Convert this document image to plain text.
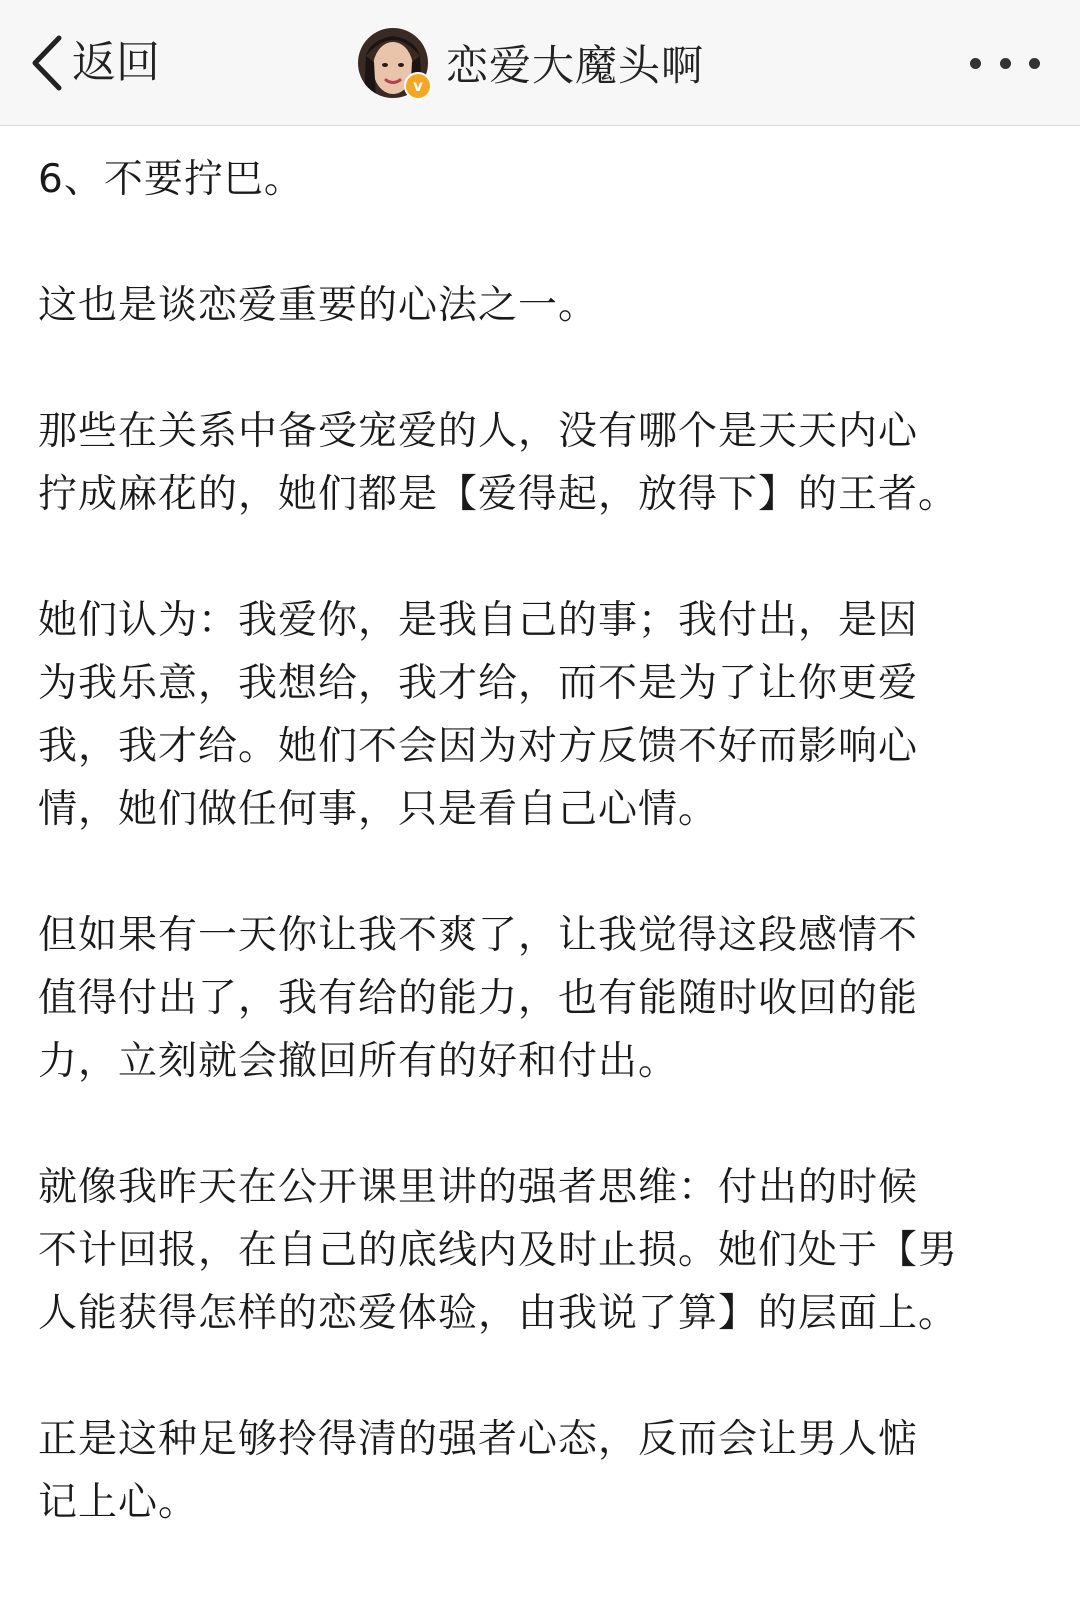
返回	v 恋爱大魔头啊
6、不要拧巴。
这也是谈恋爱重要的心法之一。
那些在关系中备受宠爱的人，没有哪个是天天内心
拧成麻花的，她们都是【爱得起，放得下】的王者。
她们认为：我爱你，是我自己的事；我付出，是因
为我乐意，我想给，我才给，而不是为了让你更爱
我，我才给。她们不会因为对方反馈不好而影响心
情，她们做任何事，只是看自己心情。
但如果有一天你让我不爽了，让我觉得这段感情不
值得付出了，我有给的能力，也有能随时收回的能
力，立刻就会撤回所有的好和付出。
就像我昨天在公开课里讲的强者思维：付出的时候
不计回报，在自己的底线内及时止损。她们处于【男
人能获得怎样的恋爱体验，由我说了算】的层面上。
正是这种足够拎得清的强者心态，反而会让男人惦
记上心。
